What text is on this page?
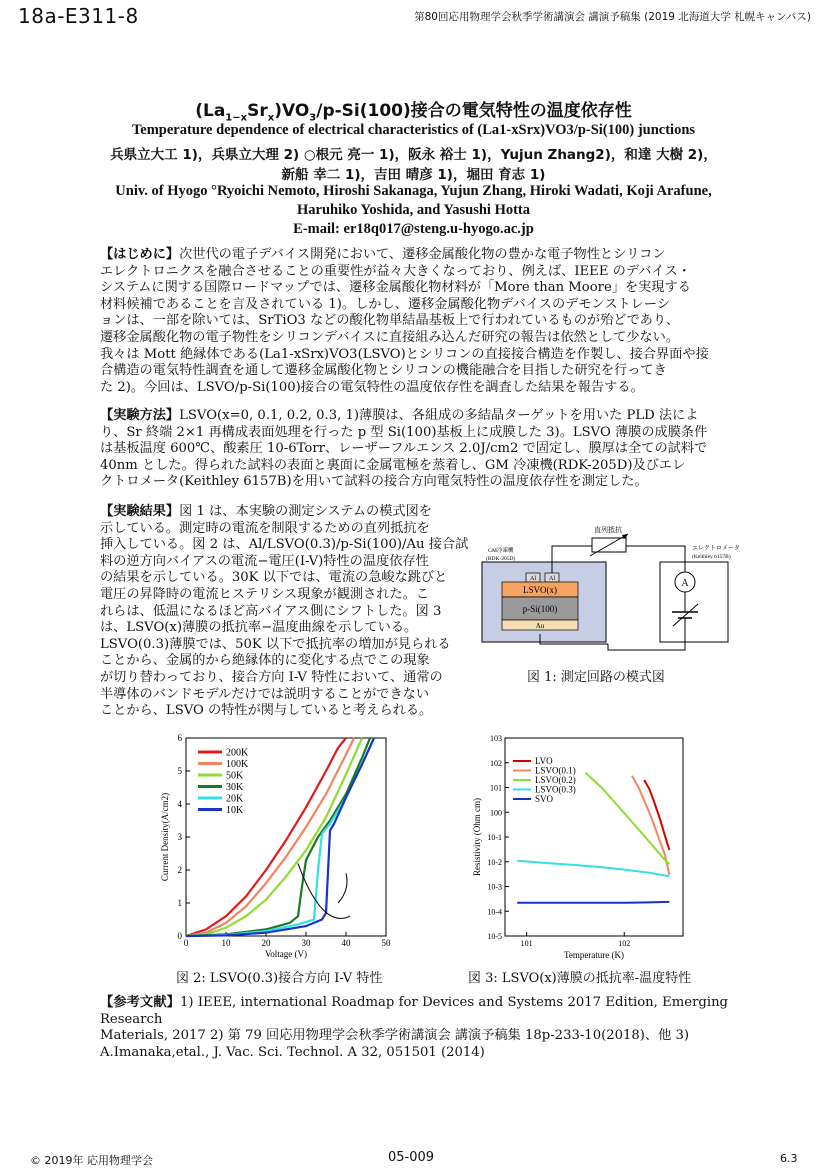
18a-E311-8	第80回応用物理学会秋季学術講演会 講演予稿集 (2019 北海道大学 札幌キャンパス)
$(La_{1-x}Sr_x)VO_3/p-Si(100)$接合の電気特性の温度依存性
Temperature dependence of electrical characteristics of (La1-xSrx)VO3/p-Si(100) junctions
兵県立大工 1)，兵県立大理 2) ○根元 亮一 1)，阪永 裕士 1)，Yujun Zhang2)，和達 大樹 2)，
新船 幸二 1)，吉田 晴彦 1)，堀田 育志 1)
Univ. of Hyogo °Ryoichi Nemoto, Hiroshi Sakanaga, Yujun Zhang, Hiroki Wadati, Koji Arafune,
Haruhiko Yoshida, and Yasushi Hotta
E-mail: er18q017@steng.u-hyogo.ac.jp
【はじめに】次世代の電子デバイス開発において、遷移金属酸化物の豊かな電子物性とシリコン
エレクトロニクスを融合させることの重要性が益々大きくなっており、例えば、IEEE のデバイス・
システムに関する国際ロードマップでは、遷移金属酸化物材料が「More than Moore」を実現する
材料候補であることを言及されている 1)。しかし、遷移金属酸化物デバイスのデモンストレーシ
ョンは、一部を除いては、SrTiO3 などの酸化物単結晶基板上で行われているものが殆どであり、
遷移金属酸化物の電子物性をシリコンデバイスに直接組み込んだ研究の報告は依然として少ない。
我々は Mott 絶縁体である(La1-xSrx)VO3(LSVO)とシリコンの直接接合構造を作製し、接合界面や接
合構造の電気特性調査を通して遷移金属酸化物とシリコンの機能融合を目指した研究を行ってき
た 2)。今回は、LSVO/p-Si(100)接合の電気特性の温度依存性を調査した結果を報告する。
【実験方法】LSVO(x=0, 0.1, 0.2, 0.3, 1)薄膜は、各組成の多結晶ターゲットを用いた PLD 法によ
り、Sr 終端 2×1 再構成表面処理を行った p 型 Si(100)基板上に成膜した 3)。LSVO 薄膜の成膜条件
は基板温度 600℃、酸素圧 10-6Torr、レーザーフルエンス 2.0J/cm2 で固定し、膜厚は全ての試料で
40nm とした。得られた試料の表面と裏面に金属電極を蒸着し、GM 冷凍機(RDK-205D)及びエレ
クトロメータ(Keithley 6157B)を用いて試料の接合方向電気特性の温度依存性を測定した。
【実験結果】図 1 は、本実験の測定システムの模式図を
示している。測定時の電流を制限するための直列抵抗を
挿入している。図 2 は、Al/LSVO(0.3)/p-Si(100)/Au 接合試
料の逆方向バイアスの電流−電圧(I-V)特性の温度依存性
の結果を示している。30K 以下では、電流の急峻な跳びと
電圧の昇降時の電流ヒステリシス現象が観測された。こ
れらは、低温になるほど高バイアス側にシフトした。図 3
は、LSVO(x)薄膜の抵抗率−温度曲線を示している。
LSVO(0.3)薄膜では、50K 以下で抵抗率の増加が見られる
ことから、金属的から絶縁体的に変化する点でこの現象
が切り替わっており、接合方向 I-V 特性において、通常の
半導体のバンドモデルだけでは説明することができない
ことから、LSVO の特性が関与していると考えられる。
直列抵抗
GM冷凍機
(RDK-205D)
エレクトロメータ
(Keithley 6157B)
A
Al Al
LSVO(x)
p-Si(100)
Au
図 1: 測定回路の模式図
0	10	20	30	40	50
0
1
2
3
4
5
6
Voltage (V)
Current Density(A/cm2)
200K
100K
50K
30K
20K
10K
図 2: LSVO(0.3)接合方向 I-V 特性
103
102
101
100
10-1
10-2
10-3
10-4
10-5
101	102
Temperature (K)
Resistivity (Ohm cm)
LVO
LSVO(0.1)
LSVO(0.2)
LSVO(0.3)
SVO
図 3: LSVO(x)薄膜の抵抗率-温度特性
【参考文献】1) IEEE, international Roadmap for Devices and Systems 2017 Edition, Emerging Research
Materials, 2017 2) 第 79 回応用物理学会秋季学術講演会 講演予稿集 18p-233-10(2018)、他 3)
A.Imanaka,etal., J. Vac. Sci. Technol. A 32, 051501 (2014)
© 2019年 応用物理学会	05-009	6.3
